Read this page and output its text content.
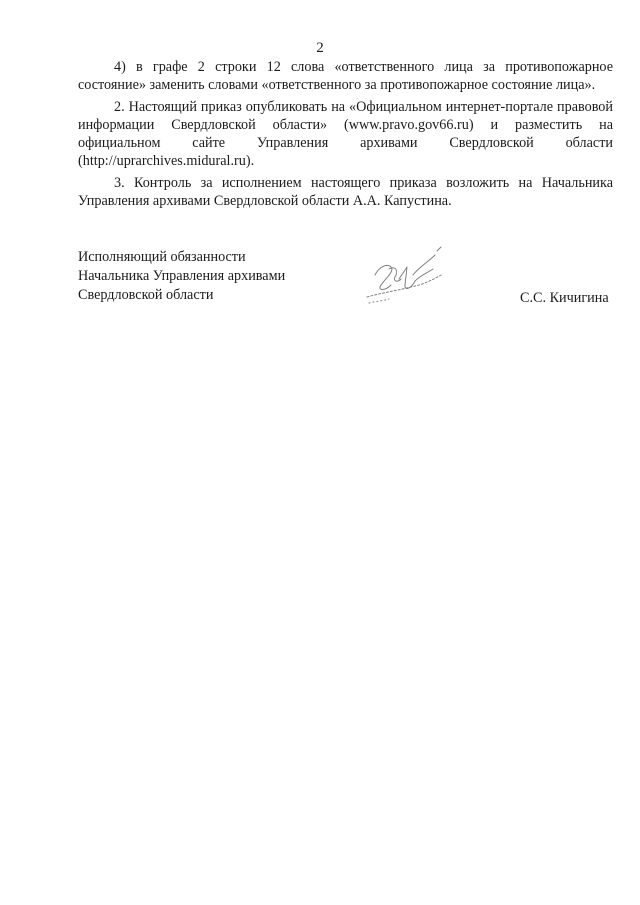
2

4) в графе 2 строки 12 слова «ответственного лица за противопожарное состояние» заменить словами «ответственного за противопожарное состояние лица».

2. Настоящий приказ опубликовать на «Официальном интернет-портале правовой информации Свердловской области» (www.pravo.gov66.ru) и разместить на официальном сайте Управления архивами Свердловской области (http://uprarchives.midural.ru).

3. Контроль за исполнением настоящего приказа возложить на Начальника Управления архивами Свердловской области А.А. Капустина.

Исполняющий обязанности
Начальника Управления архивами
Свердловской области	С.С. Кичигина
